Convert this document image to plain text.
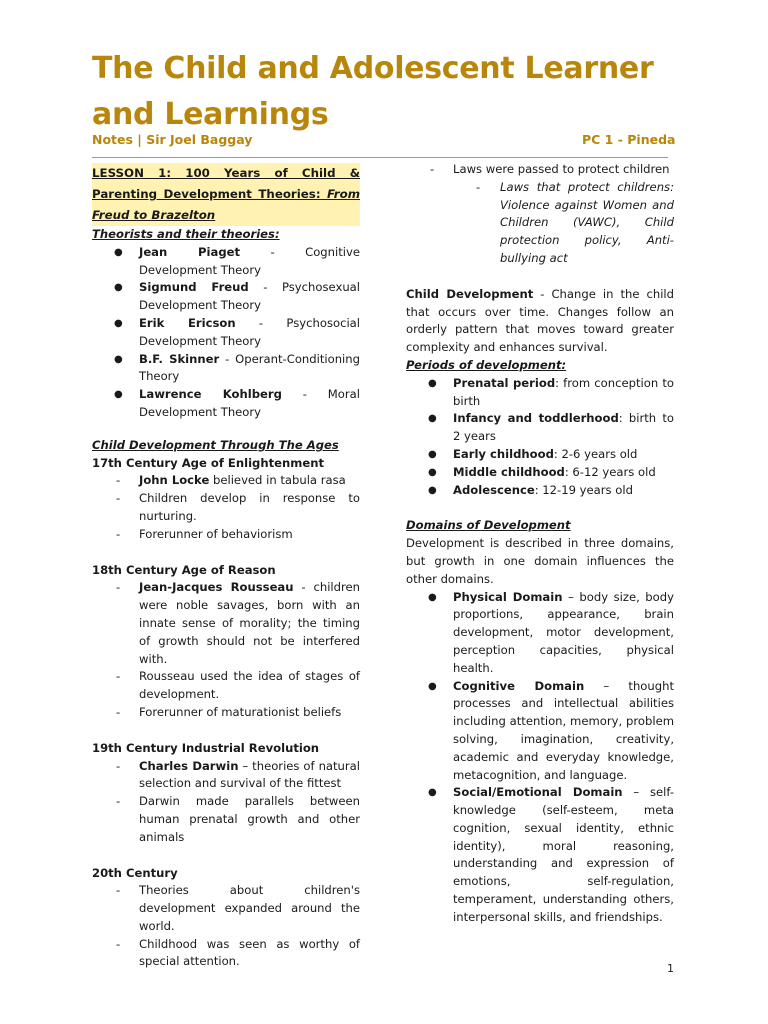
The Child and Adolescent Learner and Learnings
Notes | Sir Joel Baggay	PC 1 - Pineda

LESSON 1: 100 Years of Child & Parenting Development Theories: From Freud to Brazelton

Theorists and their theories:

● Jean Piaget - Cognitive Development Theory
● Sigmund Freud - Psychosexual Development Theory
● Erik Ericson - Psychosocial Development Theory
● B.F. Skinner - Operant-Conditioning Theory
● Lawrence Kohlberg - Moral Development Theory

Child Development Through The Ages

17th Century Age of Enlightenment

- John Locke believed in tabula rasa
- Children develop in response to nurturing.
- Forerunner of behaviorism

18th Century Age of Reason

- Jean-Jacques Rousseau - children were noble savages, born with an innate sense of morality; the timing of growth should not be interfered with.
- Rousseau used the idea of stages of development.
- Forerunner of maturationist beliefs

19th Century Industrial Revolution

- Charles Darwin – theories of natural selection and survival of the fittest
- Darwin made parallels between human prenatal growth and other animals

20th Century

- Theories about children's development expanded around the world.
- Childhood was seen as worthy of special attention.
- Laws were passed to protect children
- Laws that protect childrens: Violence against Women and Children (VAWC), Child protection policy, Anti-bullying act

Child Development - Change in the child that occurs over time. Changes follow an orderly pattern that moves toward greater complexity and enhances survival.

Periods of development:

● Prenatal period: from conception to birth
● Infancy and toddlerhood: birth to 2 years
● Early childhood: 2-6 years old
● Middle childhood: 6-12 years old
● Adolescence: 12-19 years old

Domains of Development

Development is described in three domains, but growth in one domain influences the other domains.

● Physical Domain – body size, body proportions, appearance, brain development, motor development, perception capacities, physical health.
● Cognitive Domain – thought processes and intellectual abilities including attention, memory, problem solving, imagination, creativity, academic and everyday knowledge, metacognition, and language.
● Social/Emotional Domain – self-knowledge (self-esteem, meta cognition, sexual identity, ethnic identity), moral reasoning, understanding and expression of emotions, self-regulation, temperament, understanding others, interpersonal skills, and friendships.
1
